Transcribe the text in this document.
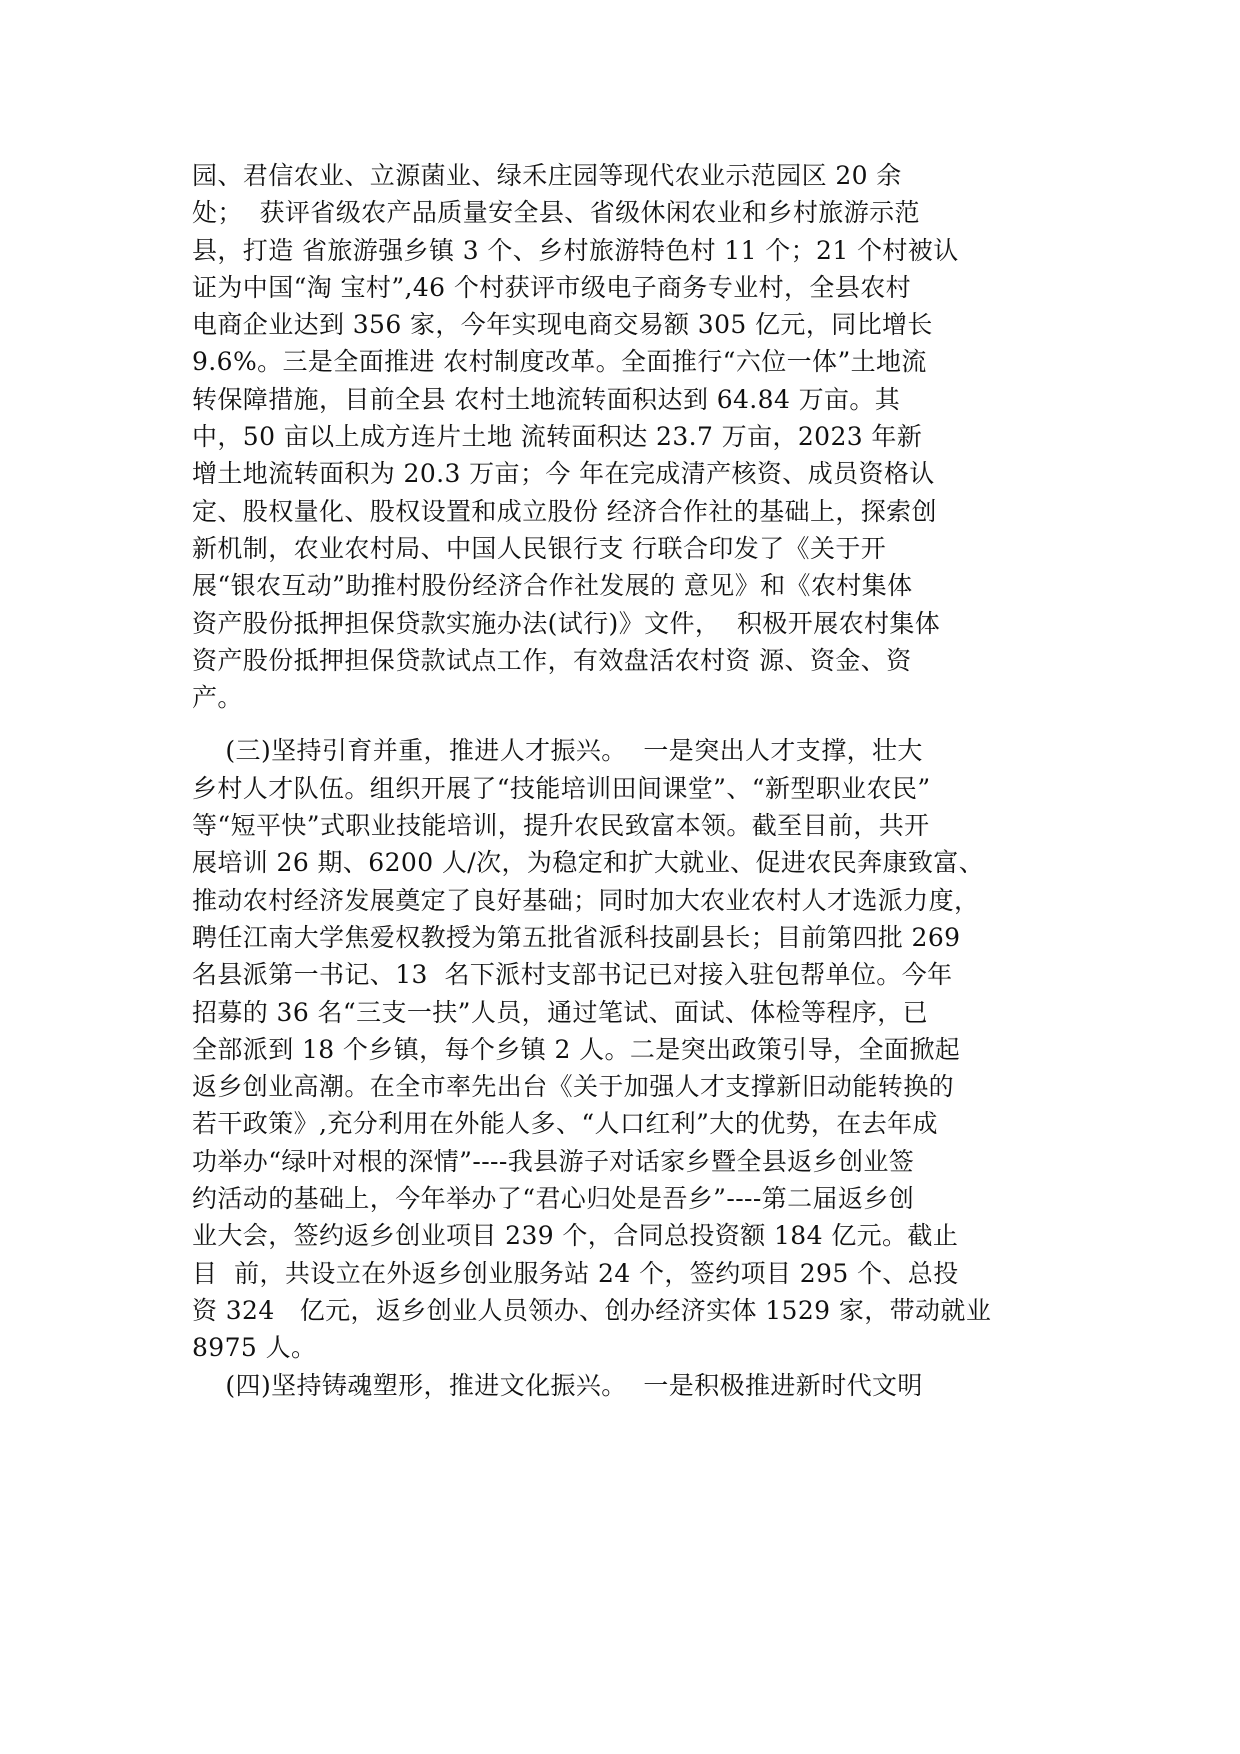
园、君信农业、立源菌业、绿禾庄园等现代农业示范园区 20 余
处；  获评省级农产品质量安全县、省级休闲农业和乡村旅游示范
县，打造 省旅游强乡镇 3 个、乡村旅游特色村 11 个；21 个村被认
证为中国“淘 宝村”,46 个村获评市级电子商务专业村，全县农村
电商企业达到 356 家，今年实现电商交易额 305 亿元，同比增长
9.6%。三是全面推进 农村制度改革。全面推行“六位一体”土地流
转保障措施，目前全县 农村土地流转面积达到 64.84 万亩。其
中，50 亩以上成方连片土地 流转面积达 23.7 万亩，2023 年新
增土地流转面积为 20.3 万亩；今 年在完成清产核资、成员资格认
定、股权量化、股权设置和成立股份 经济合作社的基础上，探索创
新机制，农业农村局、中国人民银行支 行联合印发了《关于开
展“银农互动”助推村股份经济合作社发展的 意见》和《农村集体
资产股份抵押担保贷款实施办法(试行)》文件，  积极开展农村集体
资产股份抵押担保贷款试点工作，有效盘活农村资 源、资金、资
产。
(三)坚持引育并重，推进人才振兴。  一是突出人才支撑，壮大
乡村人才队伍。组织开展了“技能培训田间课堂”、“新型职业农民”
等“短平快”式职业技能培训，提升农民致富本领。截至目前，共开
展培训 26 期、6200 人/次，为稳定和扩大就业、促进农民奔康致富、
推动农村经济发展奠定了良好基础；同时加大农业农村人才选派力度，
聘任江南大学焦爱权教授为第五批省派科技副县长；目前第四批 269
名县派第一书记、13  名下派村支部书记已对接入驻包帮单位。今年
招募的 36 名“三支一扶”人员，通过笔试、面试、体检等程序，已
全部派到 18 个乡镇，每个乡镇 2 人。二是突出政策引导，全面掀起
返乡创业高潮。在全市率先出台《关于加强人才支撑新旧动能转换的
若干政策》,充分利用在外能人多、“人口红利”大的优势，在去年成
功举办“绿叶对根的深情”----我县游子对话家乡暨全县返乡创业签
约活动的基础上，今年举办了“君心归处是吾乡”----第二届返乡创
业大会，签约返乡创业项目 239 个，合同总投资额 184 亿元。截止
目  前，共设立在外返乡创业服务站 24 个，签约项目 295 个、总投
资 324   亿元，返乡创业人员领办、创办经济实体 1529 家，带动就业
8975 人。
(四)坚持铸魂塑形，推进文化振兴。  一是积极推进新时代文明
